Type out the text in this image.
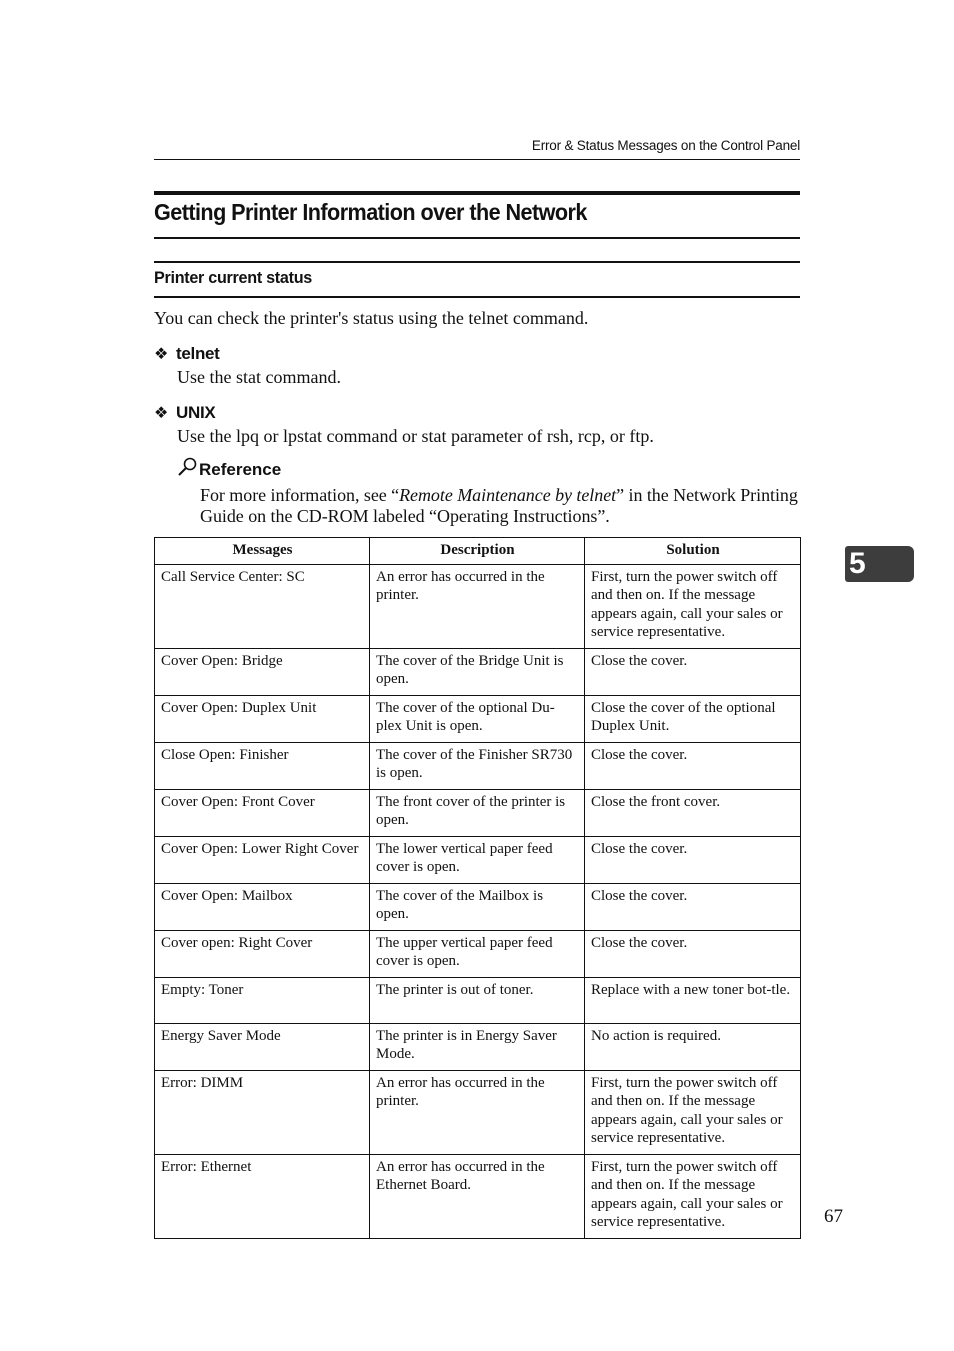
Error & Status Messages on the Control Panel
Getting Printer Information over the Network
Printer current status
You can check the printer's status using the telnet command.
❖ telnet
Use the stat command.
❖ UNIX
Use the lpq or lpstat command or stat parameter of rsh, rcp, or ftp.
Reference
For more information, see “Remote Maintenance by telnet” in the Network Printing Guide on the CD-ROM labeled “Operating Instructions”.
Messages	Description	Solution
Call Service Center: SC	An error has occurred in the printer.	First, turn the power switch off and then on. If the message appears again, call your sales or service representative.
Cover Open: Bridge	The cover of the Bridge Unit is open.	Close the cover.
Cover Open: Duplex Unit	The cover of the optional Du-plex Unit is open.	Close the cover of the optional Duplex Unit.
Close Open: Finisher	The cover of the Finisher SR730 is open.	Close the cover.
Cover Open: Front Cover	The front cover of the printer is open.	Close the front cover.
Cover Open: Lower Right Cover	The lower vertical paper feed cover is open.	Close the cover.
Cover Open: Mailbox	The cover of the Mailbox is open.	Close the cover.
Cover open: Right Cover	The upper vertical paper feed cover is open.	Close the cover.
Empty: Toner	The printer is out of toner.	Replace with a new toner bot-tle.
Energy Saver Mode	The printer is in Energy Saver Mode.	No action is required.
Error: DIMM	An error has occurred in the printer.	First, turn the power switch off and then on. If the message appears again, call your sales or service representative.
Error: Ethernet	An error has occurred in the Ethernet Board.	First, turn the power switch off and then on. If the message appears again, call your sales or service representative.
5
67
